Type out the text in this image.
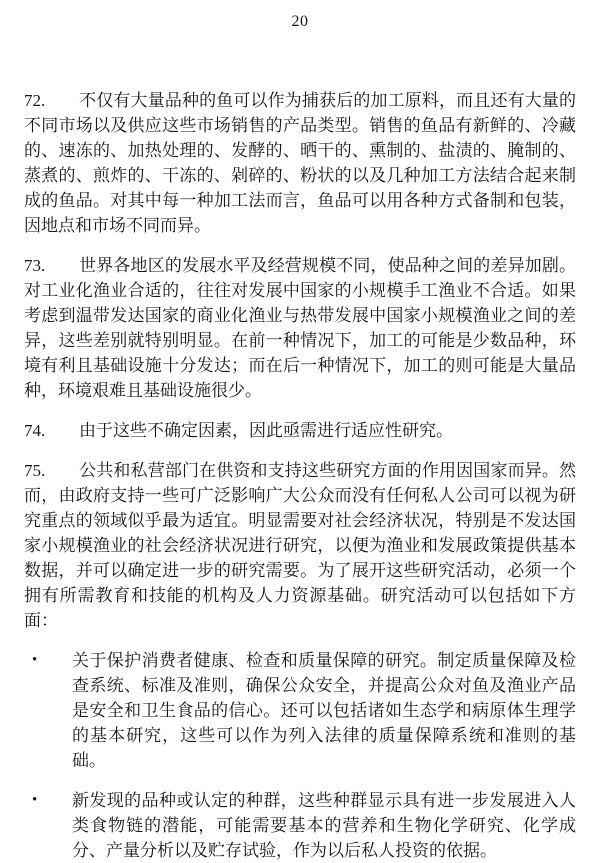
20

72. 不仅有大量品种的鱼可以作为捕获后的加工原料，而且还有大量的不同市场以及供应这些市场销售的产品类型。销售的鱼品有新鲜的、冷藏的、速冻的、加热处理的、发酵的、晒干的、熏制的、盐渍的、腌制的、蒸煮的、煎炸的、干冻的、剁碎的、粉状的以及几种加工方法结合起来制成的鱼品。对其中每一种加工法而言，鱼品可以用各种方式备制和包装，因地点和市场不同而异。

73. 世界各地区的发展水平及经营规模不同，使品种之间的差异加剧。对工业化渔业合适的，往往对发展中国家的小规模手工渔业不合适。如果考虑到温带发达国家的商业化渔业与热带发展中国家小规模渔业之间的差异，这些差别就特别明显。在前一种情况下，加工的可能是少数品种，环境有利且基础设施十分发达；而在后一种情况下，加工的则可能是大量品种，环境艰难且基础设施很少。

74. 由于这些不确定因素，因此亟需进行适应性研究。

75. 公共和私营部门在供资和支持这些研究方面的作用因国家而异。然而，由政府支持一些可广泛影响广大公众而没有任何私人公司可以视为研究重点的领域似乎最为适宜。明显需要对社会经济状况，特别是不发达国家小规模渔业的社会经济状况进行研究，以便为渔业和发展政策提供基本数据，并可以确定进一步的研究需要。为了展开这些研究活动，必须一个拥有所需教育和技能的机构及人力资源基础。研究活动可以包括如下方面：

•	关于保护消费者健康、检查和质量保障的研究。制定质量保障及检查系统、标准及准则，确保公众安全，并提高公众对鱼及渔业产品是安全和卫生食品的信心。还可以包括诸如生态学和病原体生理学的基本研究，这些可以作为列入法律的质量保障系统和准则的基础。
•	新发现的品种或认定的种群，这些种群显示具有进一步发展进入人类食物链的潜能，可能需要基本的营养和生物化学研究、化学成分、产量分析以及贮存试验，作为以后私人投资的依据。
